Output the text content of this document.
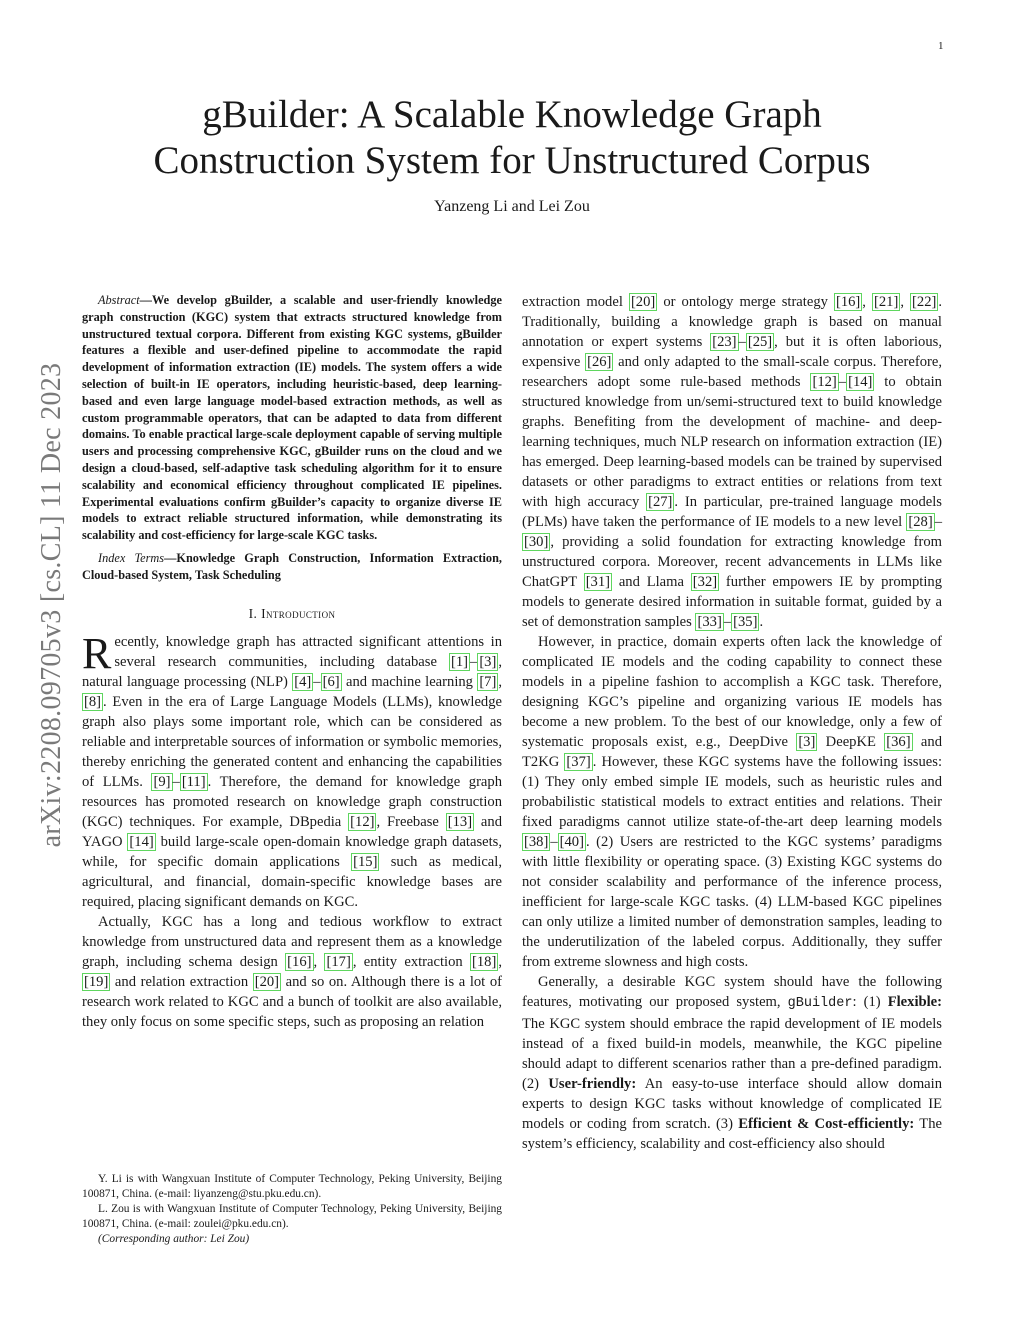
1
gBuilder: A Scalable Knowledge Graph
Construction System for Unstructured Corpus
Yanzeng Li and Lei Zou
arXiv:2208.09705v3 [cs.CL] 11 Dec 2023

Abstract—We develop gBuilder, a scalable and user-friendly knowledge graph construction (KGC) system that extracts structured knowledge from unstructured textual corpora. Different from existing KGC systems, gBuilder features a flexible and user-defined pipeline to accommodate the rapid development of information extraction (IE) models. The system offers a wide selection of built-in IE operators, including heuristic-based, deep learning-based and even large language model-based extraction methods, as well as custom programmable operators, that can be adapted to data from different domains. To enable practical large-scale deployment capable of serving multiple users and processing comprehensive KGC, gBuilder runs on the cloud and we design a cloud-based, self-adaptive task scheduling algorithm for it to ensure scalability and economical efficiency throughout complicated IE pipelines. Experimental evaluations confirm gBuilder’s capacity to organize diverse IE models to extract reliable structured information, while demonstrating its scalability and cost-efficiency for large-scale KGC tasks.

Index Terms—Knowledge Graph Construction, Information Extraction, Cloud-based System, Task Scheduling

I. Introduction

Recently, knowledge graph has attracted significant attentions in several research communities, including database [1] – [3] , natural language processing (NLP) [4] – [6] and machine learning [7] , [8] . Even in the era of Large Language Models (LLMs), knowledge graph also plays some important role, which can be considered as reliable and interpretable sources of information or symbolic memories, thereby enriching the generated content and enhancing the capabilities of LLMs. [9] – [11] . Therefore, the demand for knowledge graph resources has promoted research on knowledge graph construction (KGC) techniques. For example, DBpedia [12] , Freebase [13] and YAGO [14] build large-scale open-domain knowledge graph datasets, while, for specific domain applications [15] such as medical, agricultural, and financial, domain-specific knowledge bases are required, placing significant demands on KGC.

Actually, KGC has a long and tedious workflow to extract knowledge from unstructured data and represent them as a knowledge graph, including schema design [16] , [17] , entity extraction [18] , [19] and relation extraction [20] and so on. Although there is a lot of research work related to KGC and a bunch of toolkit are also available, they only focus on some specific steps, such as proposing an relation

Y. Li is with Wangxuan Institute of Computer Technology, Peking University, Beijing 100871, China. (e-mail: liyanzeng@stu.pku.edu.cn).

L. Zou is with Wangxuan Institute of Computer Technology, Peking University, Beijing 100871, China. (e-mail: zoulei@pku.edu.cn).

(Corresponding author: Lei Zou)

extraction model [20] or ontology merge strategy [16] , [21] , [22] . Traditionally, building a knowledge graph is based on manual annotation or expert systems [23] – [25] , but it is often laborious, expensive [26] and only adapted to the small-scale corpus. Therefore, researchers adopt some rule-based methods [12] – [14] to obtain structured knowledge from un/semi-structured text to build knowledge graphs. Benefiting from the development of machine- and deep-learning techniques, much NLP research on information extraction (IE) has emerged. Deep learning-based models can be trained by supervised datasets or other paradigms to extract entities or relations from text with high accuracy [27] . In particular, pre-trained language models (PLMs) have taken the performance of IE models to a new level [28] –[30] , providing a solid foundation for extracting knowledge from unstructured corpora. Moreover, recent advancements in LLMs like ChatGPT [31] and Llama [32] further empowers IE by prompting models to generate desired information in suitable format, guided by a set of demonstration samples [33] – [35] .

However, in practice, domain experts often lack the knowledge of complicated IE models and the coding capability to connect these models in a pipeline fashion to accomplish a KGC task. Therefore, designing KGC’s pipeline and organizing various IE models has become a new problem. To the best of our knowledge, only a few of systematic proposals exist, e.g., DeepDive [3] DeepKE [36] and T2KG [37] . However, these KGC systems have the following issues: (1) They only embed simple IE models, such as heuristic rules and probabilistic statistical models to extract entities and relations. Their fixed paradigms cannot utilize state-of-the-art deep learning models [38] – [40] . (2) Users are restricted to the KGC systems’ paradigms with little flexibility or operating space. (3) Existing KGC systems do not consider scalability and performance of the inference process, inefficient for large-scale KGC tasks. (4) LLM-based KGC pipelines can only utilize a limited number of demonstration samples, leading to the underutilization of the labeled corpus. Additionally, they suffer from extreme slowness and high costs.

Generally, a desirable KGC system should have the following features, motivating our proposed system, gBuilder: (1) Flexible: The KGC system should embrace the rapid development of IE models instead of a fixed build-in models, meanwhile, the KGC pipeline should adapt to different scenarios rather than a pre-defined paradigm. (2) User-friendly: An easy-to-use interface should allow domain experts to design KGC tasks without knowledge of complicated IE models or coding from scratch. (3) Efficient & Cost-efficiently: The system’s efficiency, scalability and cost-efficiency also should
